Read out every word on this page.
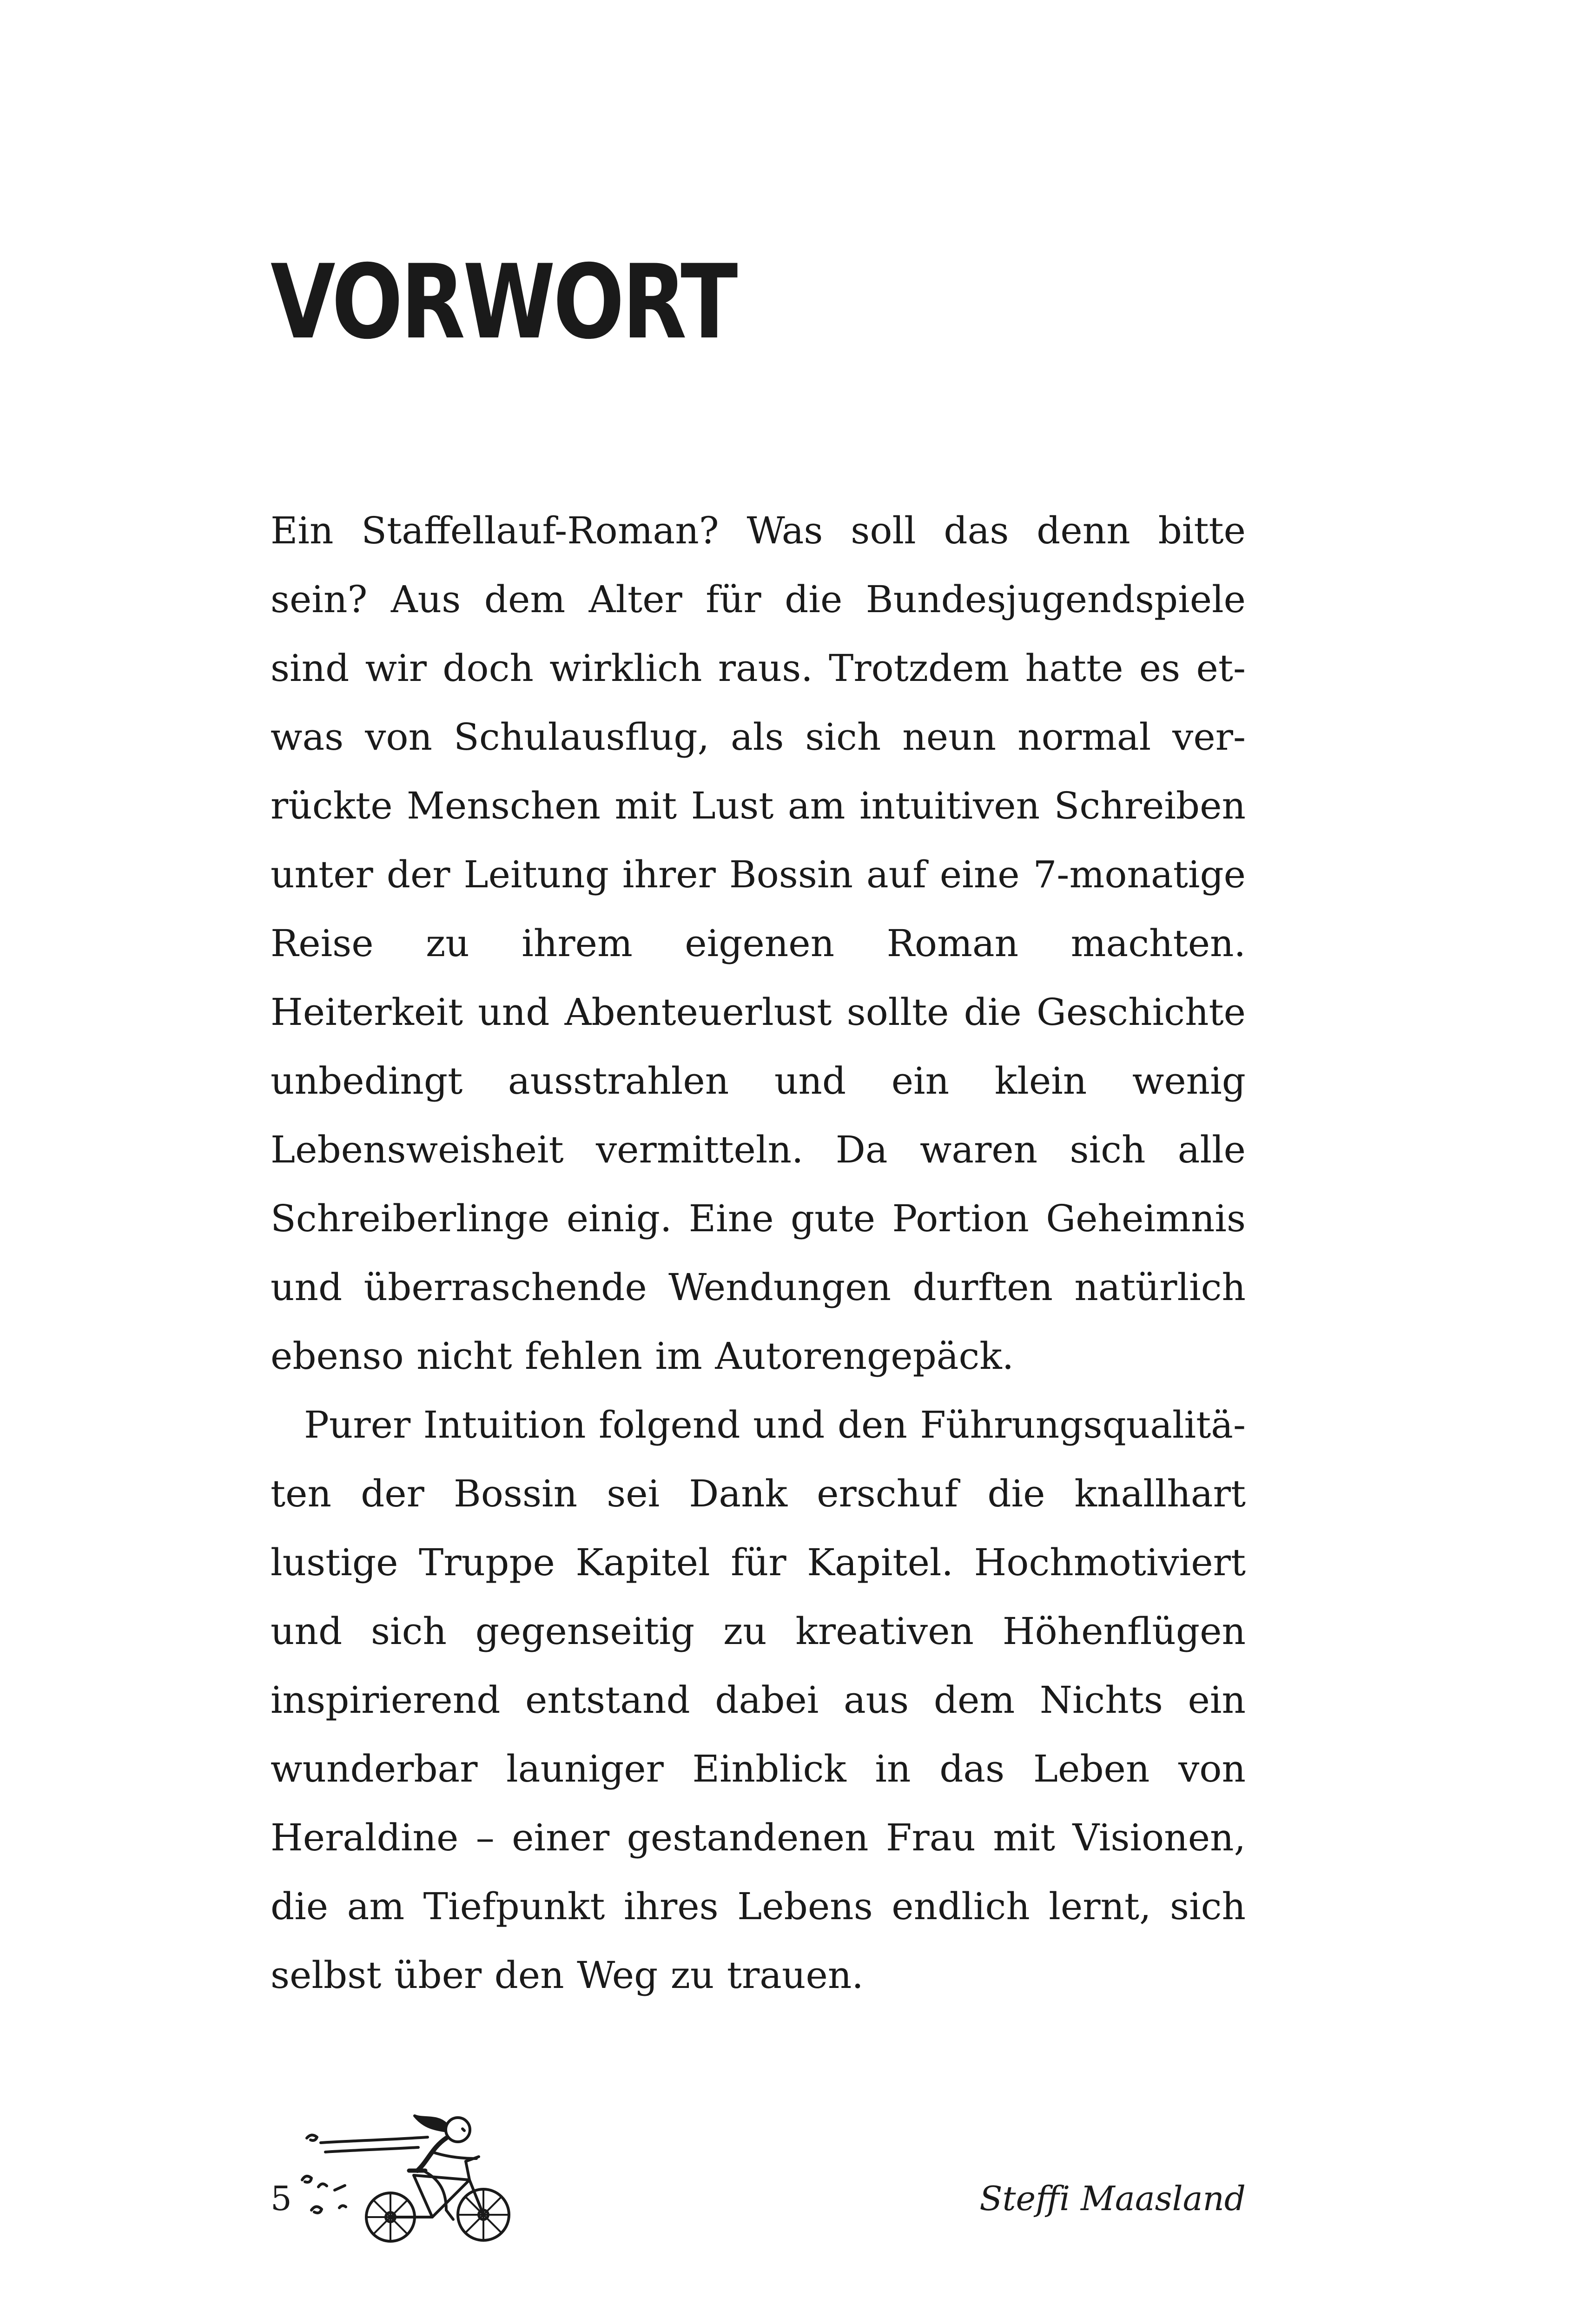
VORWORT

Ein Staffellauf-Roman? Was soll das denn bitte sein? Aus dem Alter für die Bundesjugendspiele sind wir doch wirklich raus. Trotzdem hatte es etwas von Schulausflug, als sich neun normal verrückte Menschen mit Lust am intuitiven Schreiben unter der Leitung ihrer Bossin auf eine 7-monatige Reise zu ihrem eigenen Roman machten. Heiterkeit und Abenteuerlust sollte die Geschichte unbedingt ausstrahlen und ein klein wenig Lebensweisheit vermitteln. Da waren sich alle Schreiberlinge einig. Eine gute Portion Geheimnis und überraschende Wendungen durften natürlich ebenso nicht fehlen im Autorengepäck.

Purer Intuition folgend und den Führungsqualitäten der Bossin sei Dank erschuf die knallhart lustige Truppe Kapitel für Kapitel. Hochmotiviert und sich gegenseitig zu kreativen Höhenflügen inspirierend entstand dabei aus dem Nichts ein wunderbar launiger Einblick in das Leben von Heraldine – einer gestandenen Frau mit Visionen, die am Tiefpunkt ihres Lebens endlich lernt, sich selbst über den Weg zu trauen.

5	Steffi Maasland
